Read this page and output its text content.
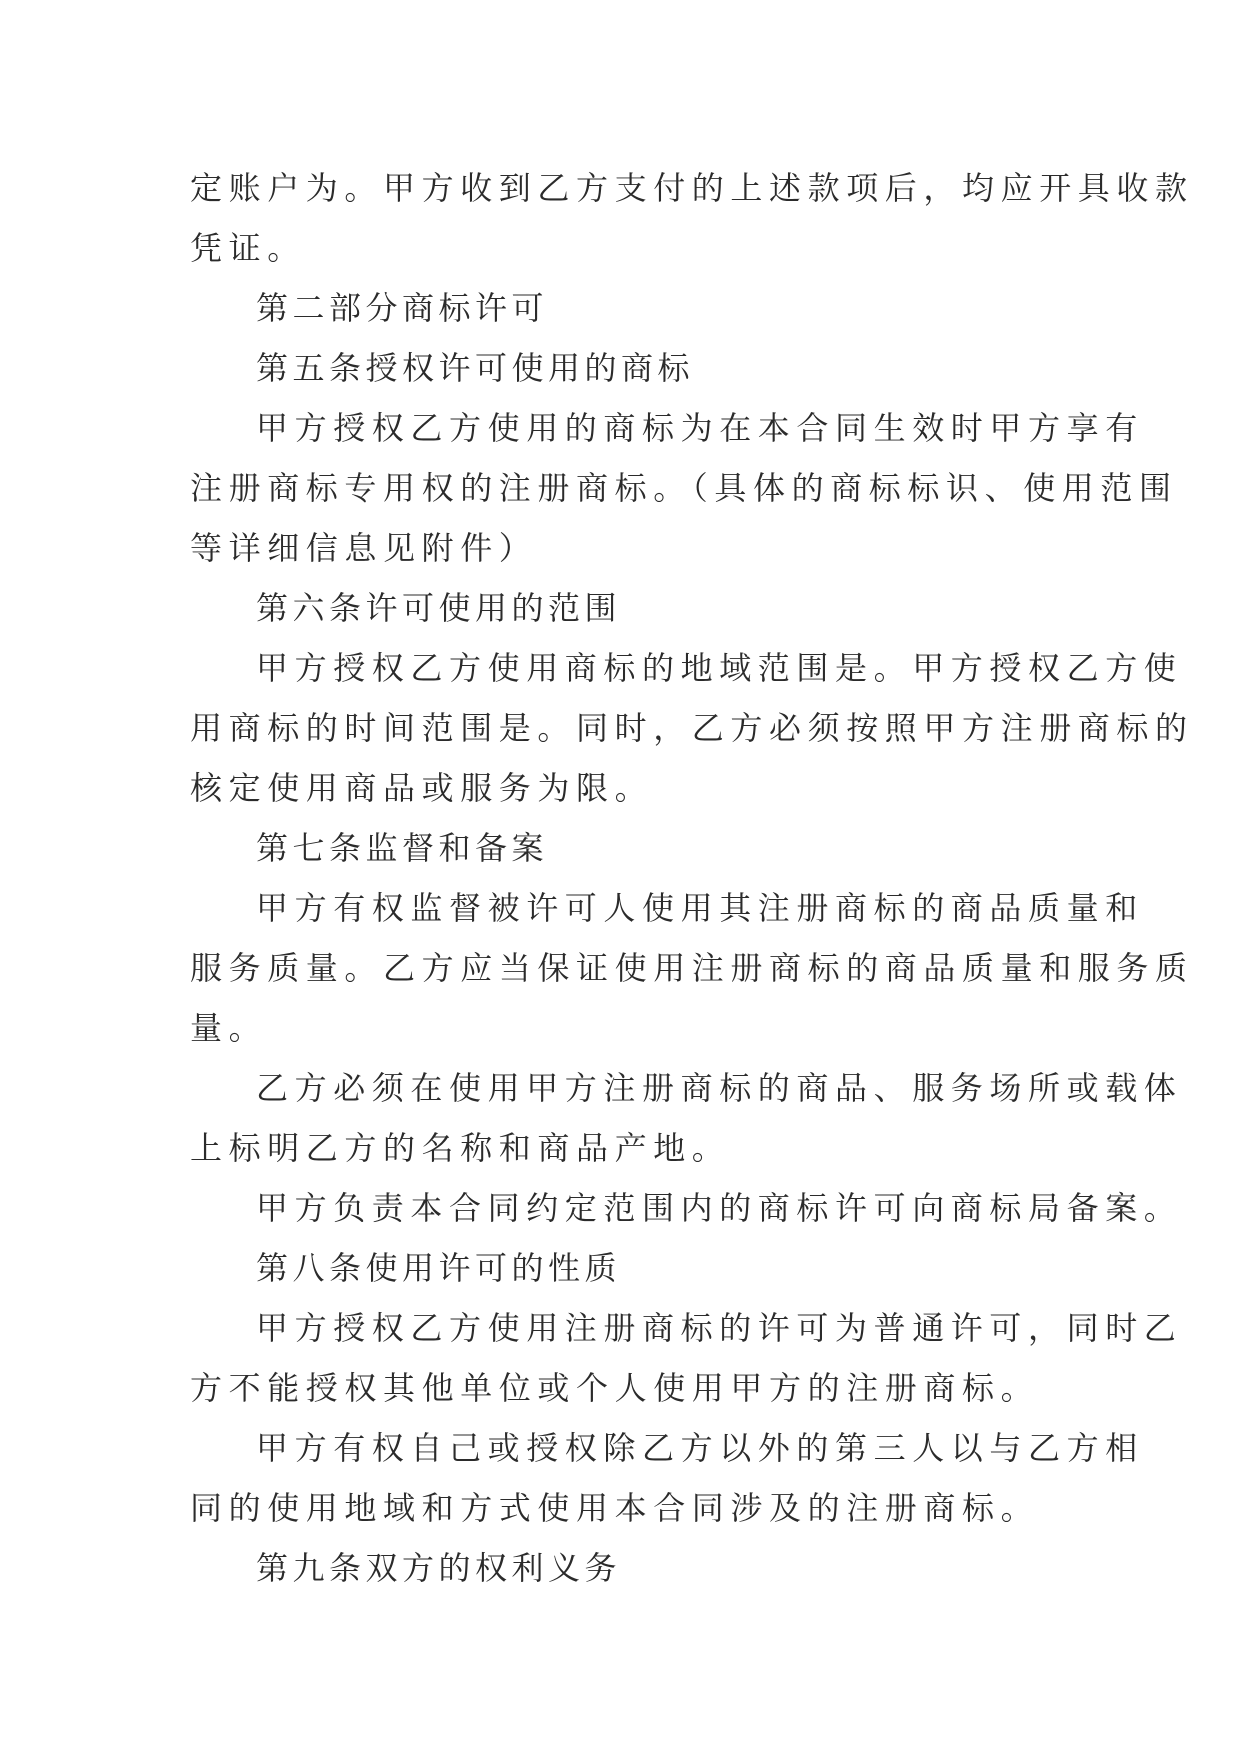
定账户为。甲方收到乙方支付的上述款项后，均应开具收款
凭证。
第二部分商标许可
第五条授权许可使用的商标
甲方授权乙方使用的商标为在本合同生效时甲方享有
注册商标专用权的注册商标。（具体的商标标识、使用范围
等详细信息见附件）
第六条许可使用的范围
甲方授权乙方使用商标的地域范围是。甲方授权乙方使
用商标的时间范围是。同时，乙方必须按照甲方注册商标的
核定使用商品或服务为限。
第七条监督和备案
甲方有权监督被许可人使用其注册商标的商品质量和
服务质量。乙方应当保证使用注册商标的商品质量和服务质
量。
乙方必须在使用甲方注册商标的商品、服务场所或载体
上标明乙方的名称和商品产地。
甲方负责本合同约定范围内的商标许可向商标局备案。
第八条使用许可的性质
甲方授权乙方使用注册商标的许可为普通许可，同时乙
方不能授权其他单位或个人使用甲方的注册商标。
甲方有权自己或授权除乙方以外的第三人以与乙方相
同的使用地域和方式使用本合同涉及的注册商标。
第九条双方的权利义务
